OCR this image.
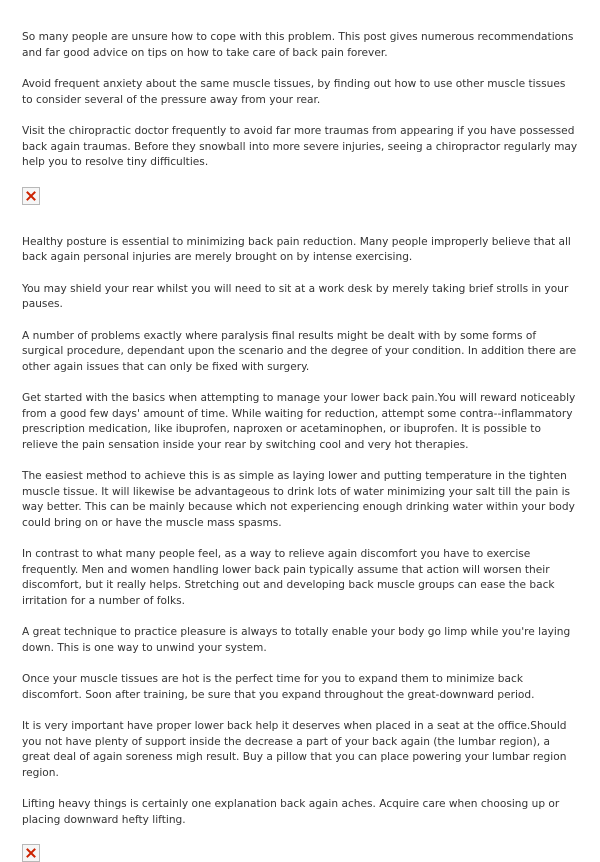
So many people are unsure how to cope with this problem. This post gives numerous recommendations and far good advice on tips on how to take care of back pain forever.

Avoid frequent anxiety about the same muscle tissues, by finding out how to use other muscle tissues to consider several of the pressure away from your rear.

Visit the chiropractic doctor frequently to avoid far more traumas from appearing if you have possessed back again traumas. Before they snowball into more severe injuries, seeing a chiropractor regularly may help you to resolve tiny difficulties.

Healthy posture is essential to minimizing back pain reduction. Many people improperly believe that all back again personal injuries are merely brought on by intense exercising.

You may shield your rear whilst you will need to sit at a work desk by merely taking brief strolls in your pauses.

A number of problems exactly where paralysis final results might be dealt with by some forms of surgical procedure, dependant upon the scenario and the degree of your condition. In addition there are other again issues that can only be fixed with surgery.

Get started with the basics when attempting to manage your lower back pain.You will reward noticeably from a good few days' amount of time. While waiting for reduction, attempt some contra--inflammatory prescription medication, like ibuprofen, naproxen or acetaminophen, or ibuprofen. It is possible to relieve the pain sensation inside your rear by switching cool and very hot therapies.

The easiest method to achieve this is as simple as laying lower and putting temperature in the tighten muscle tissue. It will likewise be advantageous to drink lots of water minimizing your salt till the pain is way better. This can be mainly because which not experiencing enough drinking water within your body could bring on or have the muscle mass spasms.

In contrast to what many people feel, as a way to relieve again discomfort you have to exercise frequently. Men and women handling lower back pain typically assume that action will worsen their discomfort, but it really helps. Stretching out and developing back muscle groups can ease the back irritation for a number of folks.

A great technique to practice pleasure is always to totally enable your body go limp while you're laying down. This is one way to unwind your system.

Once your muscle tissues are hot is the perfect time for you to expand them to minimize back discomfort. Soon after training, be sure that you expand throughout the great-downward period.

It is very important have proper lower back help it deserves when placed in a seat at the office.Should you not have plenty of support inside the decrease a part of your back again (the lumbar region), a great deal of again soreness migh result. Buy a pillow that you can place powering your lumbar region region.

Lifting heavy things is certainly one explanation back again aches. Acquire care when choosing up or placing downward hefty lifting.
